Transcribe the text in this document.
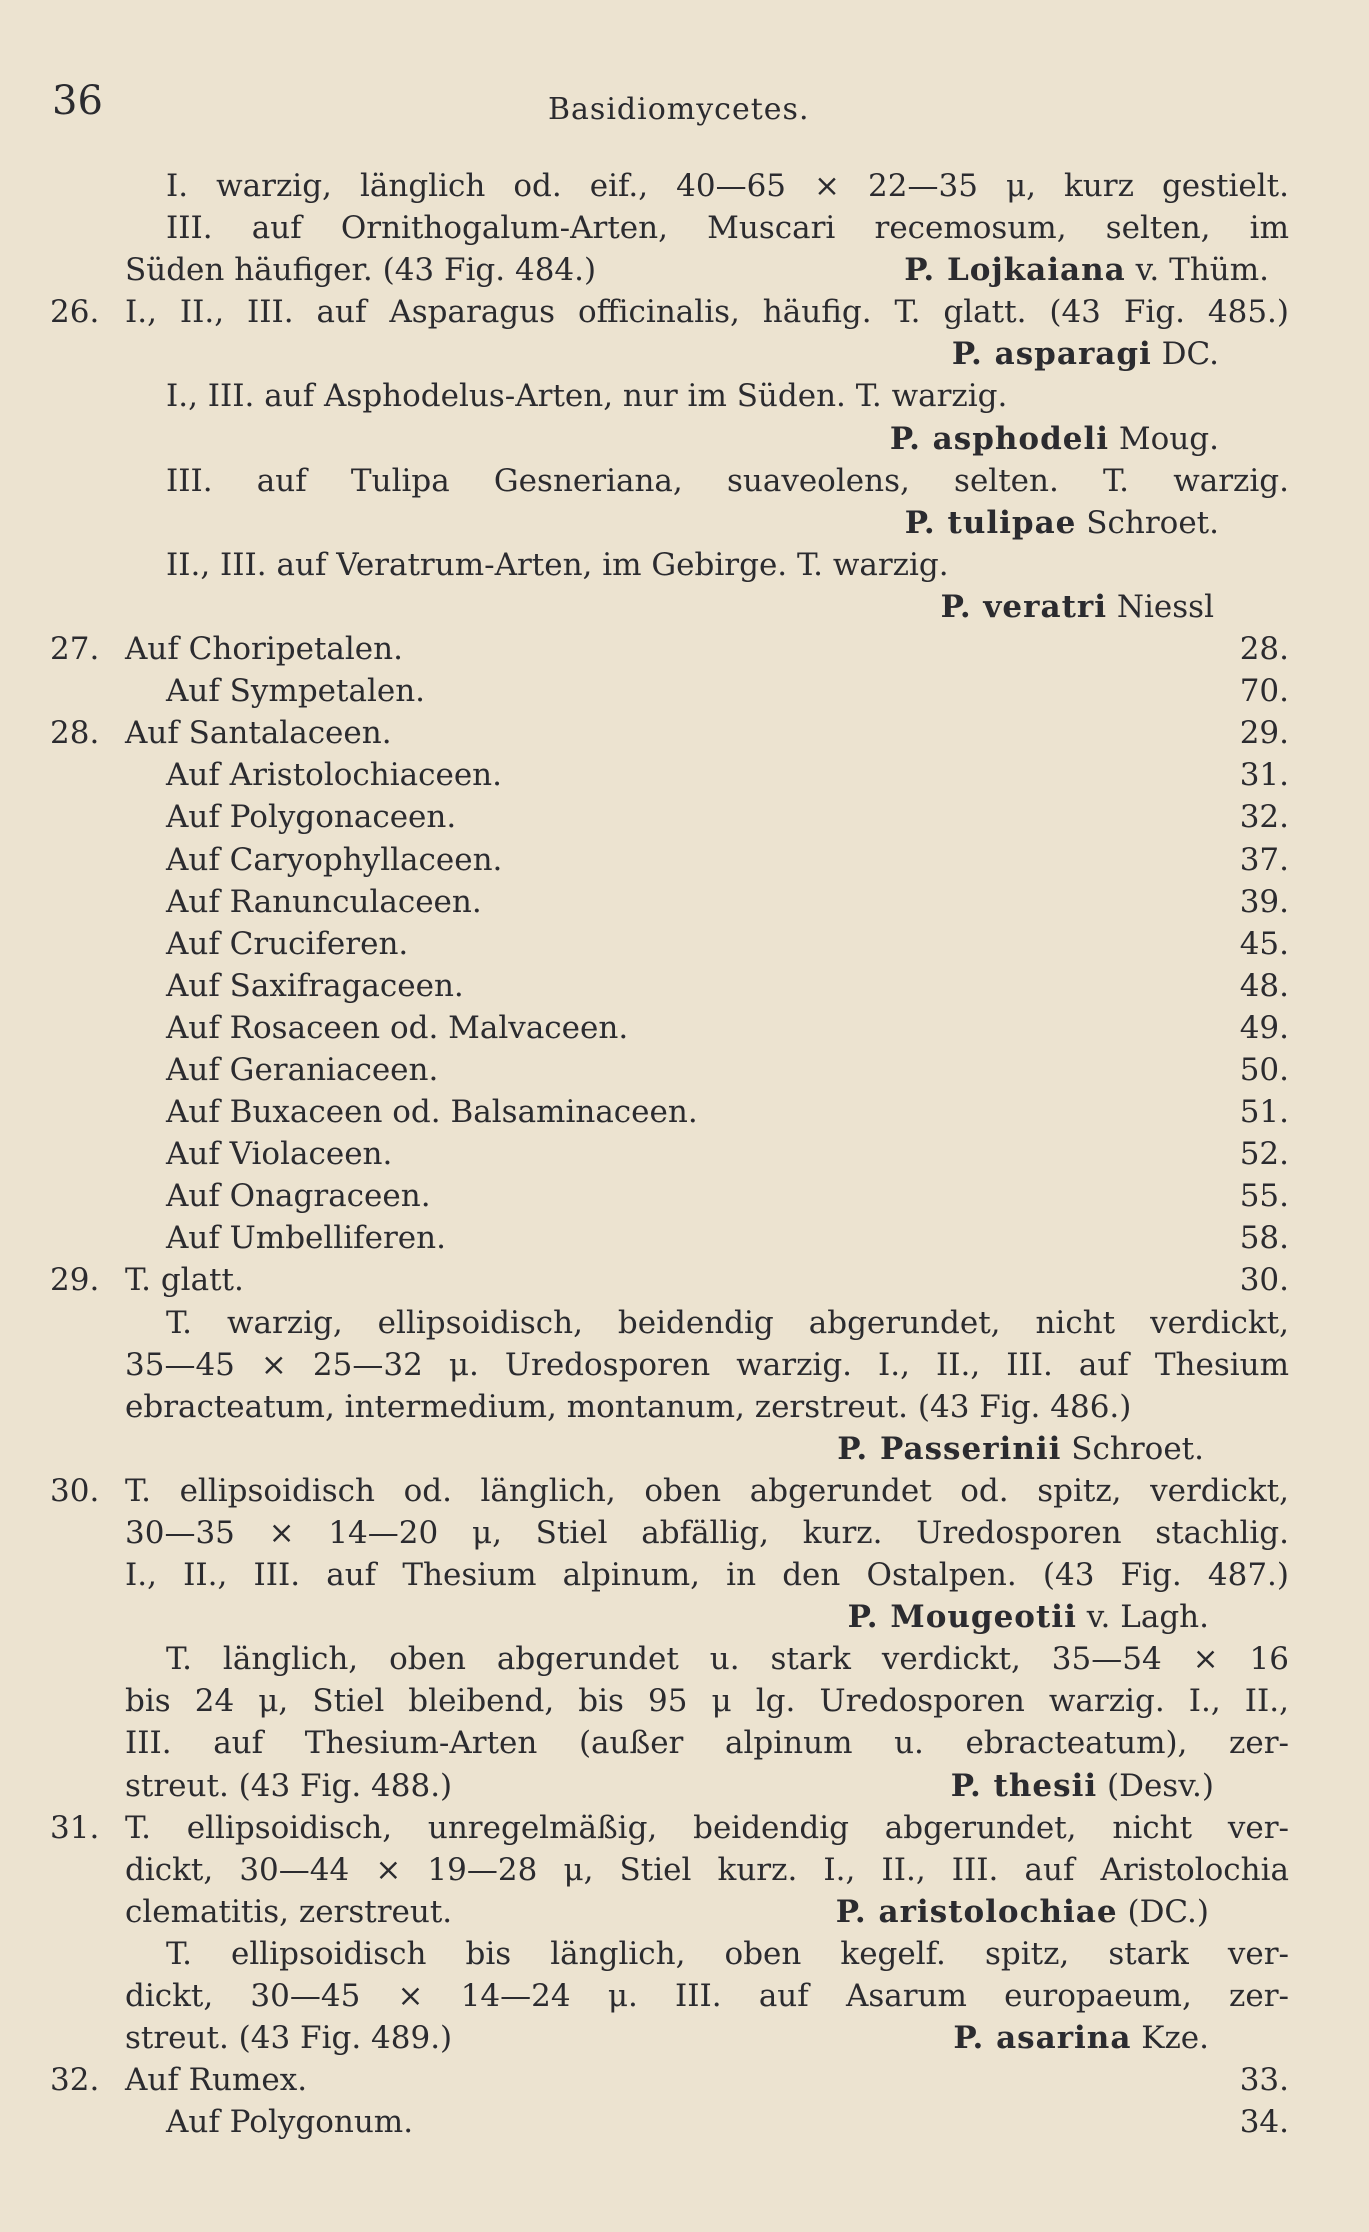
36	Basidiomycetes.
I. warzig, länglich od. eif., 40—65 × 22—35 μ, kurz gestielt.
III. auf Ornithogalum-Arten, Muscari recemosum, selten, im
Süden häufiger. (43 Fig. 484.)	P. Lojkaiana v. Thüm.
26. I., II., III. auf Asparagus officinalis, häufig. T. glatt. (43 Fig. 485.)
P. asparagi DC.
I., III. auf Asphodelus-Arten, nur im Süden. T. warzig.
P. asphodeli Moug.
III. auf Tulipa Gesneriana, suaveolens, selten. T. warzig.
P. tulipae Schroet.
II., III. auf Veratrum-Arten, im Gebirge. T. warzig.
P. veratri Niessl
27. Auf Choripetalen.	28.
Auf Sympetalen.	70.
28. Auf Santalaceen.	29.
Auf Aristolochiaceen.	31.
Auf Polygonaceen.	32.
Auf Caryophyllaceen.	37.
Auf Ranunculaceen.	39.
Auf Cruciferen.	45.
Auf Saxifragaceen.	48.
Auf Rosaceen od. Malvaceen.	49.
Auf Geraniaceen.	50.
Auf Buxaceen od. Balsaminaceen.	51.
Auf Violaceen.	52.
Auf Onagraceen.	55.
Auf Umbelliferen.	58.
29. T. glatt.	30.
T. warzig, ellipsoidisch, beidendig abgerundet, nicht verdickt,
35—45 × 25—32 μ. Uredosporen warzig. I., II., III. auf Thesium
ebracteatum, intermedium, montanum, zerstreut. (43 Fig. 486.)
P. Passerinii Schroet.
30. T. ellipsoidisch od. länglich, oben abgerundet od. spitz, verdickt,
30—35 × 14—20 μ, Stiel abfällig, kurz. Uredosporen stachlig.
I., II., III. auf Thesium alpinum, in den Ostalpen. (43 Fig. 487.)
P. Mougeotii v. Lagh.
T. länglich, oben abgerundet u. stark verdickt, 35—54 × 16
bis 24 μ, Stiel bleibend, bis 95 μ lg. Uredosporen warzig. I., II.,
III. auf Thesium-Arten (außer alpinum u. ebracteatum), zer-
streut. (43 Fig. 488.)	P. thesii (Desv.)
31. T. ellipsoidisch, unregelmäßig, beidendig abgerundet, nicht ver-
dickt, 30—44 × 19—28 μ, Stiel kurz. I., II., III. auf Aristolochia
clematitis, zerstreut.	P. aristolochiae (DC.)
T. ellipsoidisch bis länglich, oben kegelf. spitz, stark ver-
dickt, 30—45 × 14—24 μ. III. auf Asarum europaeum, zer-
streut. (43 Fig. 489.)	P. asarina Kze.
32. Auf Rumex.	33.
Auf Polygonum.	34.
